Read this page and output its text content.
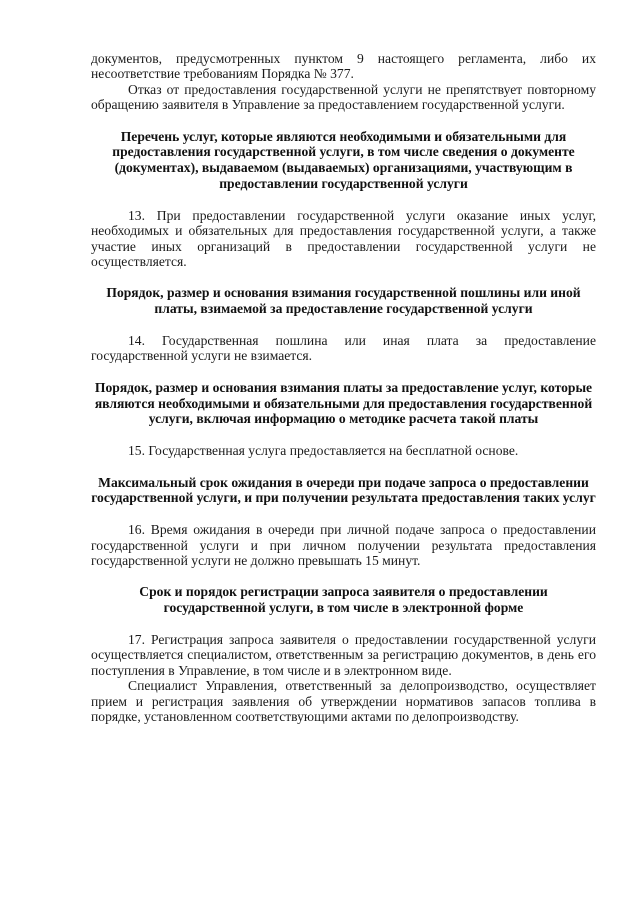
документов, предусмотренных пунктом 9 настоящего регламента, либо их несоответствие требованиям Порядка № 377.

Отказ от предоставления государственной услуги не препятствует повторному обращению заявителя в Управление за предоставлением государственной услуги.

Перечень услуг, которые являются необходимыми и обязательными для предоставления государственной услуги, в том числе сведения о документе (документах), выдаваемом (выдаваемых) организациями, участвующим в предоставлении государственной услуги

13. При предоставлении государственной услуги оказание иных услуг, необходимых и обязательных для предоставления государственной услуги, а также участие иных организаций в предоставлении государственной услуги не осуществляется.

Порядок, размер и основания взимания государственной пошлины или иной платы, взимаемой за предоставление государственной услуги

14. Государственная пошлина или иная плата за предоставление государственной услуги не взимается.

Порядок, размер и основания взимания платы за предоставление услуг, которые являются необходимыми и обязательными для предоставления государственной услуги, включая информацию о методике расчета такой платы

15. Государственная услуга предоставляется на бесплатной основе.

Максимальный срок ожидания в очереди при подаче запроса о предоставлении государственной услуги, и при получении результата предоставления таких услуг

16. Время ожидания в очереди при личной подаче запроса о предоставлении государственной услуги и при личном получении результата предоставления государственной услуги не должно превышать 15 минут.

Срок и порядок регистрации запроса заявителя о предоставлении государственной услуги, в том числе в электронной форме

17. Регистрация запроса заявителя о предоставлении государственной услуги осуществляется специалистом, ответственным за регистрацию документов, в день его поступления в Управление, в том числе и в электронном виде.

Специалист Управления, ответственный за делопроизводство, осуществляет прием и регистрация заявления об утверждении нормативов запасов топлива в порядке, установленном соответствующими актами по делопроизводству.
